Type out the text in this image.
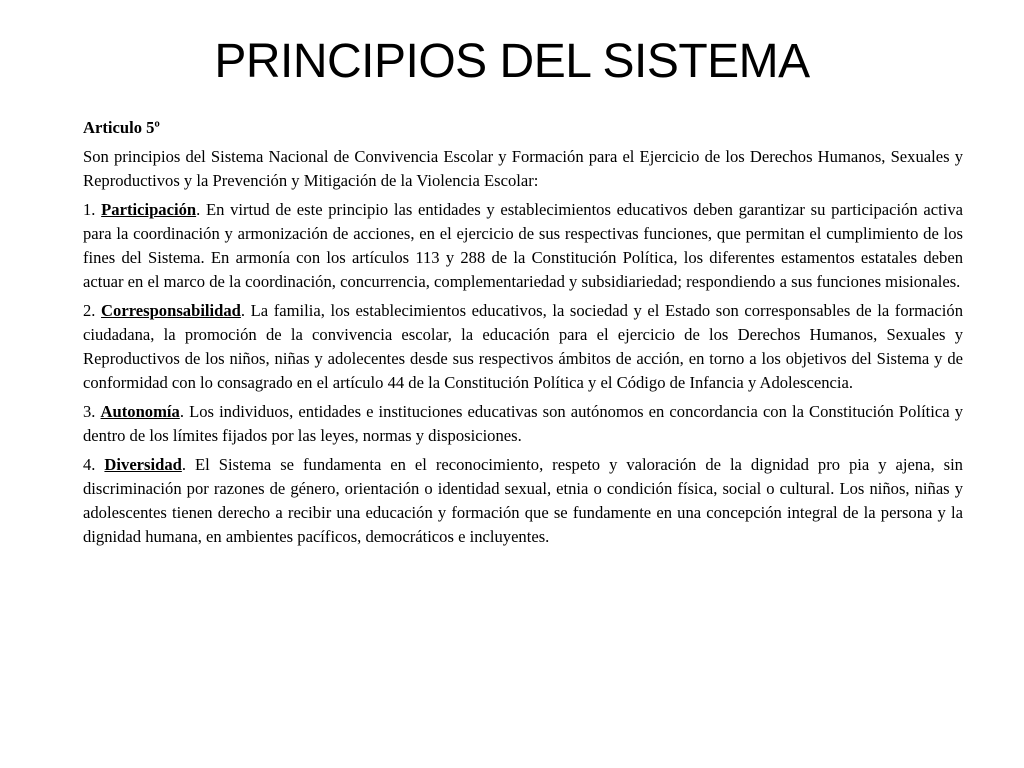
PRINCIPIOS DEL SISTEMA

Articulo 5º

Son principios del Sistema Nacional de Convivencia Escolar y Formación para el Ejercicio de los Derechos Humanos, Sexuales y Reproductivos y la Prevención y Mitigación de la Violencia Escolar:

1. Participación. En virtud de este principio las entidades y establecimientos educativos deben garantizar su participación activa para la coordinación y armonización de acciones, en el ejercicio de sus respectivas funciones, que permitan el cumplimiento de los fines del Sistema. En armonía con los artículos 113 y 288 de la Constitución Política, los diferentes estamentos estatales deben actuar en el marco de la coordinación, concurrencia, complementariedad y subsidiariedad; respondiendo a sus funciones misionales.

2. Corresponsabilidad. La familia, los establecimientos educativos, la sociedad y el Estado son corresponsables de la formación ciudadana, la promoción de la convivencia escolar, la educación para el ejercicio de los Derechos Humanos, Sexuales y Reproductivos de los niños, niñas y adolecentes desde sus respectivos ámbitos de acción, en torno a los objetivos del Sistema y de conformidad con lo consagrado en el artículo 44 de la Constitución Política y el Código de Infancia y Adolescencia.

3. Autonomía. Los individuos, entidades e instituciones educativas son autónomos en concordancia con la Constitución Política y dentro de los límites fijados por las leyes, normas y disposiciones.

4. Diversidad. El Sistema se fundamenta en el reconocimiento, respeto y valoración de la dignidad pro pia y ajena, sin discriminación por razones de género, orientación o identidad sexual, etnia o condición física, social o cultural. Los niños, niñas y adolescentes tienen derecho a recibir una educación y formación que se fundamente en una concepción integral de la persona y la dignidad humana, en ambientes pacíficos, democráticos e incluyentes.
